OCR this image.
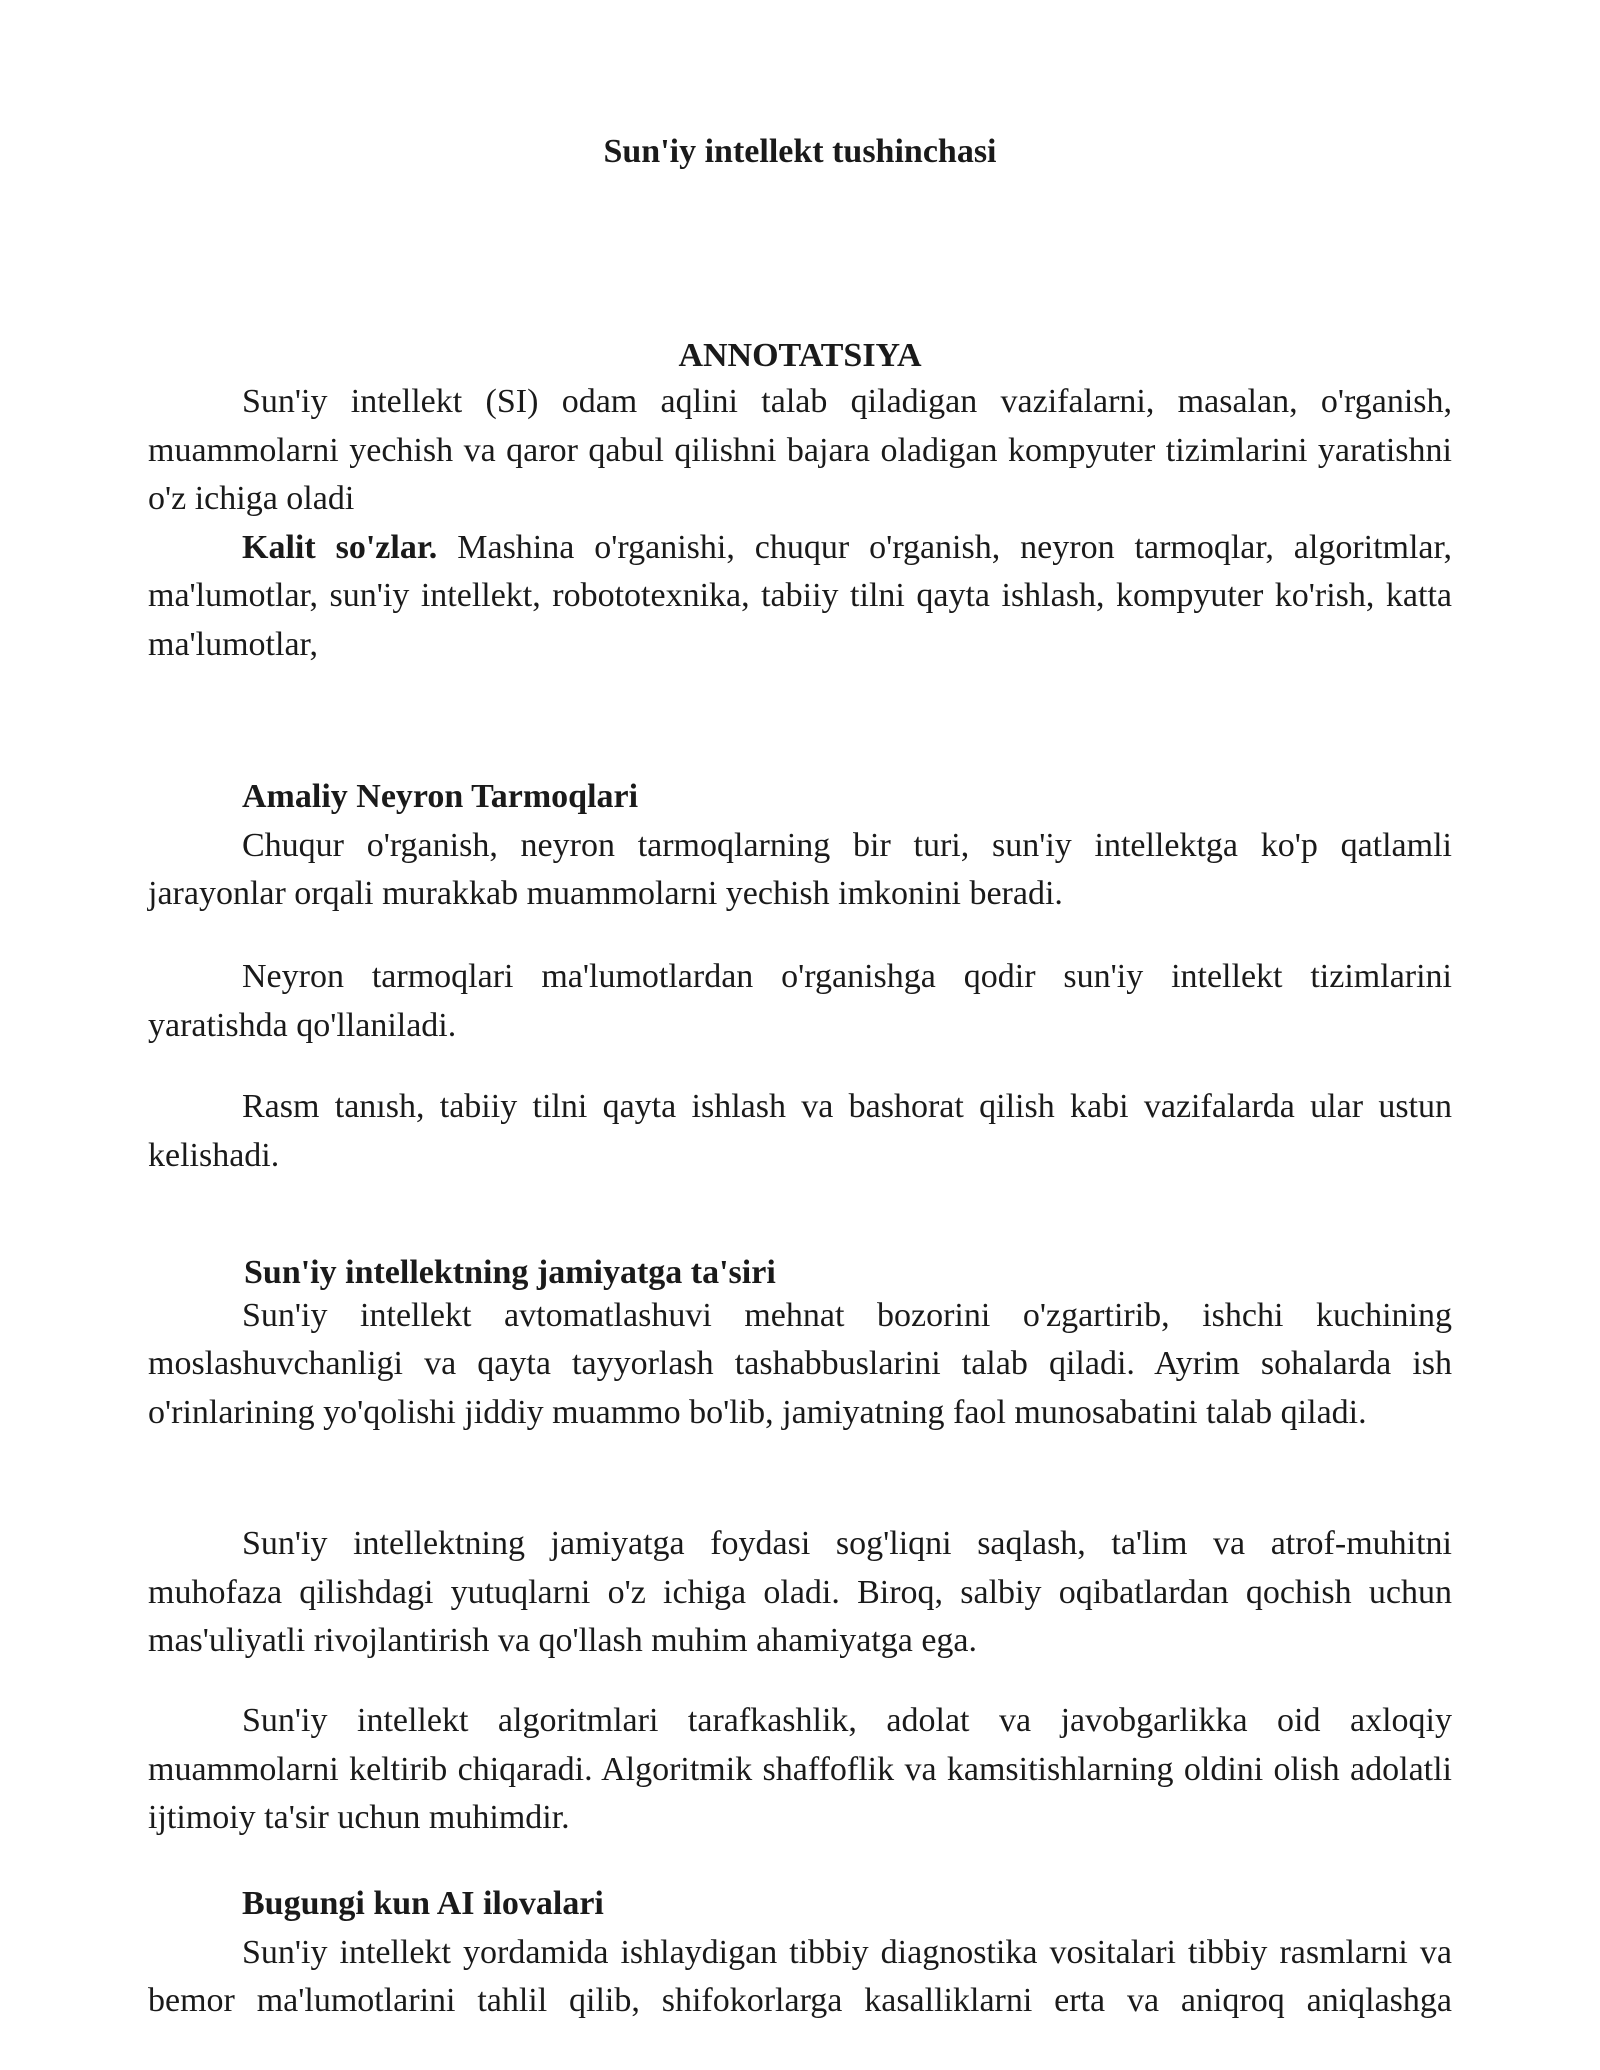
Sun'iy intellekt tushinchasi
ANNOTATSIYA

Sun'iy intellekt (SI) odam aqlini talab qiladigan vazifalarni, masalan, o'rganish, muammolarni yechish va qaror qabul qilishni bajara oladigan kompyuter tizimlarini yaratishni o'z ichiga oladi

Kalit so'zlar. Mashina o'rganishi, chuqur o'rganish, neyron tarmoqlar, algoritmlar, ma'lumotlar, sun'iy intellekt, robototexnika, tabiiy tilni qayta ishlash, kompyuter ko'rish, katta ma'lumotlar,

Amaliy Neyron Tarmoqlari

Chuqur o'rganish, neyron tarmoqlarning bir turi, sun'iy intellektga ko'p qatlamli jarayonlar orqali murakkab muammolarni yechish imkonini beradi.

Neyron tarmoqlari ma'lumotlardan o'rganishga qodir sun'iy intellekt tizimlarini yaratishda qo'llaniladi.

Rasm tanısh, tabiiy tilni qayta ishlash va bashorat qilish kabi vazifalarda ular ustun kelishadi.

Sun'iy intellektning jamiyatga ta'siri

Sun'iy intellekt avtomatlashuvi mehnat bozorini o'zgartirib, ishchi kuchining moslashuvchanligi va qayta tayyorlash tashabbuslarini talab qiladi. Ayrim sohalarda ish o'rinlarining yo'qolishi jiddiy muammo bo'lib, jamiyatning faol munosabatini talab qiladi.

Sun'iy intellektning jamiyatga foydasi sog'liqni saqlash, ta'lim va atrof-muhitni muhofaza qilishdagi yutuqlarni o'z ichiga oladi. Biroq, salbiy oqibatlardan qochish uchun mas'uliyatli rivojlantirish va qo'llash muhim ahamiyatga ega.

Sun'iy intellekt algoritmlari tarafkashlik, adolat va javobgarlikka oid axloqiy muammolarni keltirib chiqaradi. Algoritmik shaffoflik va kamsitishlarning oldini olish adolatli ijtimoiy ta'sir uchun muhimdir.

Bugungi kun AI ilovalari

Sun'iy intellekt yordamida ishlaydigan tibbiy diagnostika vositalari tibbiy rasmlarni va bemor ma'lumotlarini tahlil qilib, shifokorlarga kasalliklarni erta va aniqroq aniqlashga
